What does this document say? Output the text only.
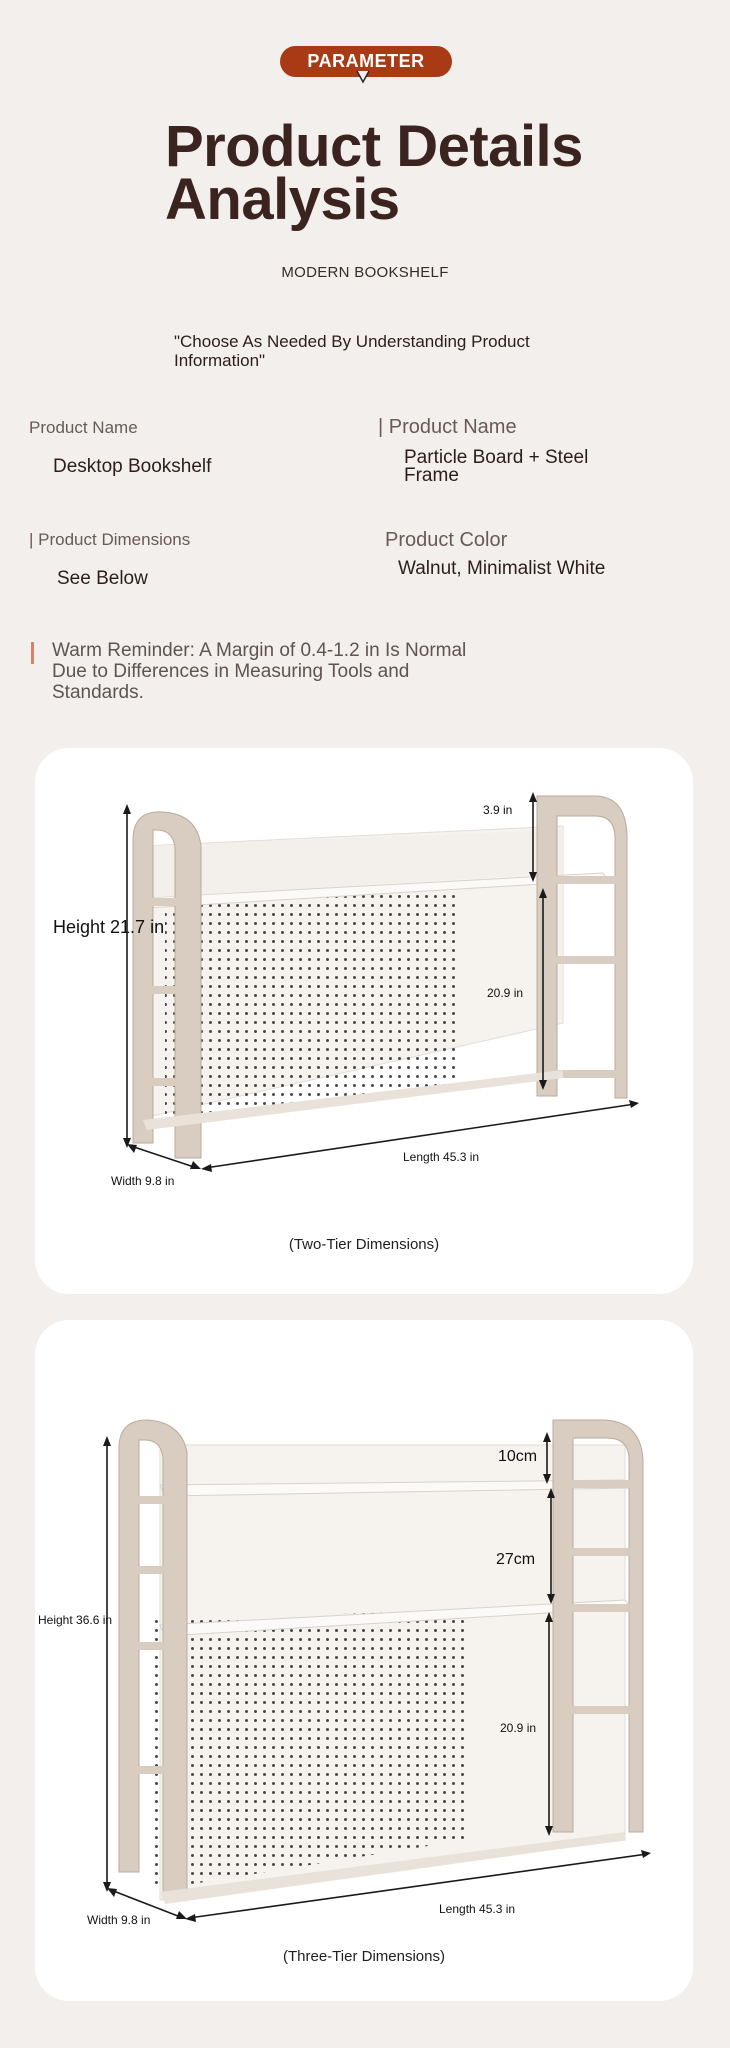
PARAMETER
Product Details
Analysis
MODERN BOOKSHELF
"Choose As Needed By Understanding Product Information"
Product Name
Desktop Bookshelf
| Product Name
Particle Board + Steel Frame
| Product Dimensions
See Below
Product Color
Walnut, Minimalist White
Warm Reminder: A Margin of 0.4-1.2 in Is Normal Due to Differences in Measuring Tools and Standards.
3.9 in
Height 21.7 in
20.9 in
Length 45.3 in
Width 9.8 in
(Two-Tier Dimensions)
10cm
27cm
Height 36.6 in
20.9 in
Length 45.3 in
Width 9.8 in
(Three-Tier Dimensions)
